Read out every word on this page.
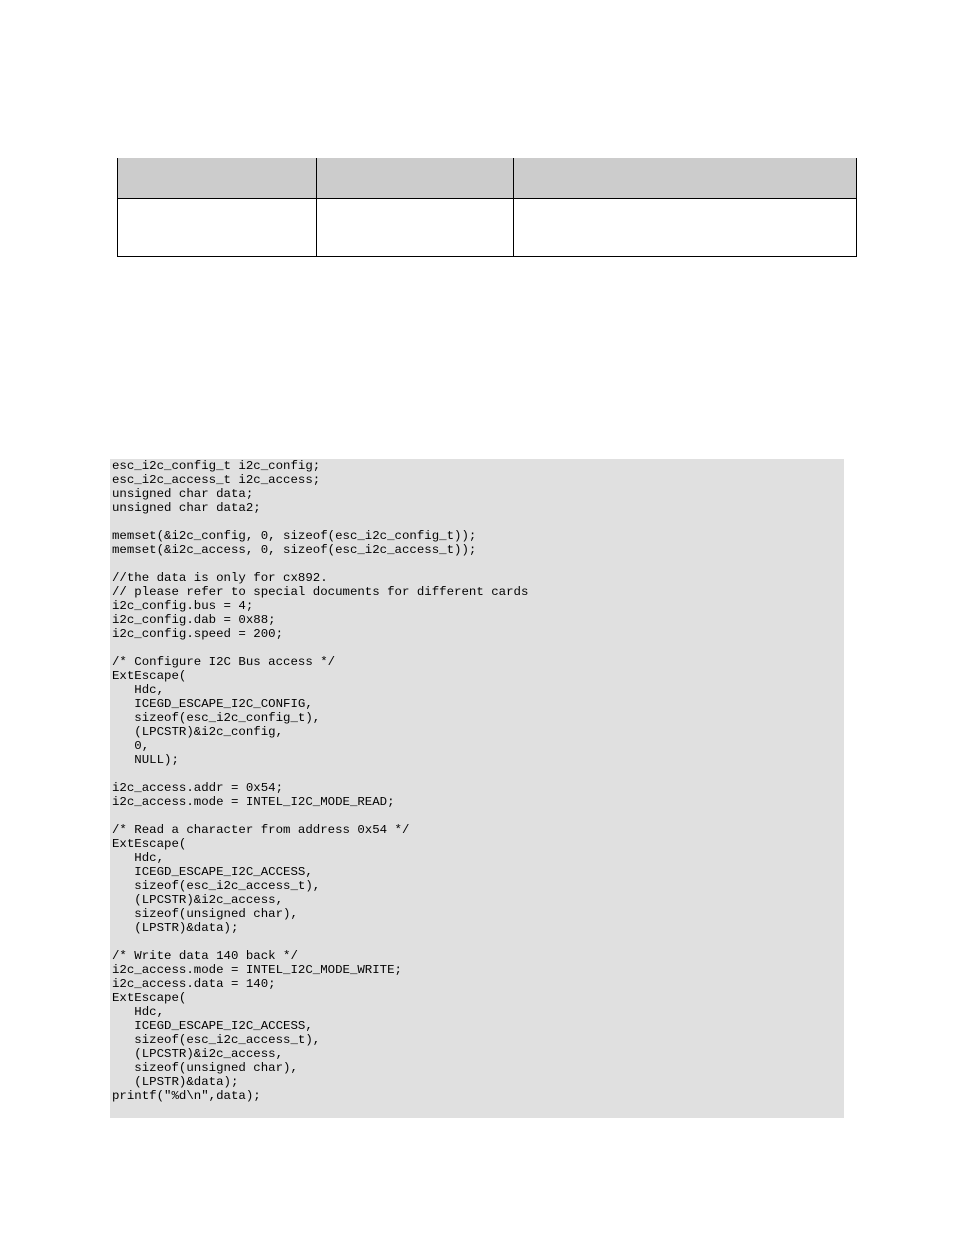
esc_i2c_config_t i2c_config;
esc_i2c_access_t i2c_access;
unsigned char data;
unsigned char data2;
memset(&i2c_config, 0, sizeof(esc_i2c_config_t));
memset(&i2c_access, 0, sizeof(esc_i2c_access_t));
//the data is only for cx892.
// please refer to special documents for different cards
i2c_config.bus = 4;
i2c_config.dab = 0x88;
i2c_config.speed = 200;
/* Configure I2C Bus access */
ExtEscape(
Hdc,
ICEGD_ESCAPE_I2C_CONFIG,
sizeof(esc_i2c_config_t),
(LPCSTR)&i2c_config,
0,
NULL);
i2c_access.addr = 0x54;
i2c_access.mode = INTEL_I2C_MODE_READ;
/* Read a character from address 0x54 */
ExtEscape(
Hdc,
ICEGD_ESCAPE_I2C_ACCESS,
sizeof(esc_i2c_access_t),
(LPCSTR)&i2c_access,
sizeof(unsigned char),
(LPSTR)&data);
/* Write data 140 back */
i2c_access.mode = INTEL_I2C_MODE_WRITE;
i2c_access.data = 140;
ExtEscape(
Hdc,
ICEGD_ESCAPE_I2C_ACCESS,
sizeof(esc_i2c_access_t),
(LPCSTR)&i2c_access,
sizeof(unsigned char),
(LPSTR)&data);
printf("%d\n",data);
